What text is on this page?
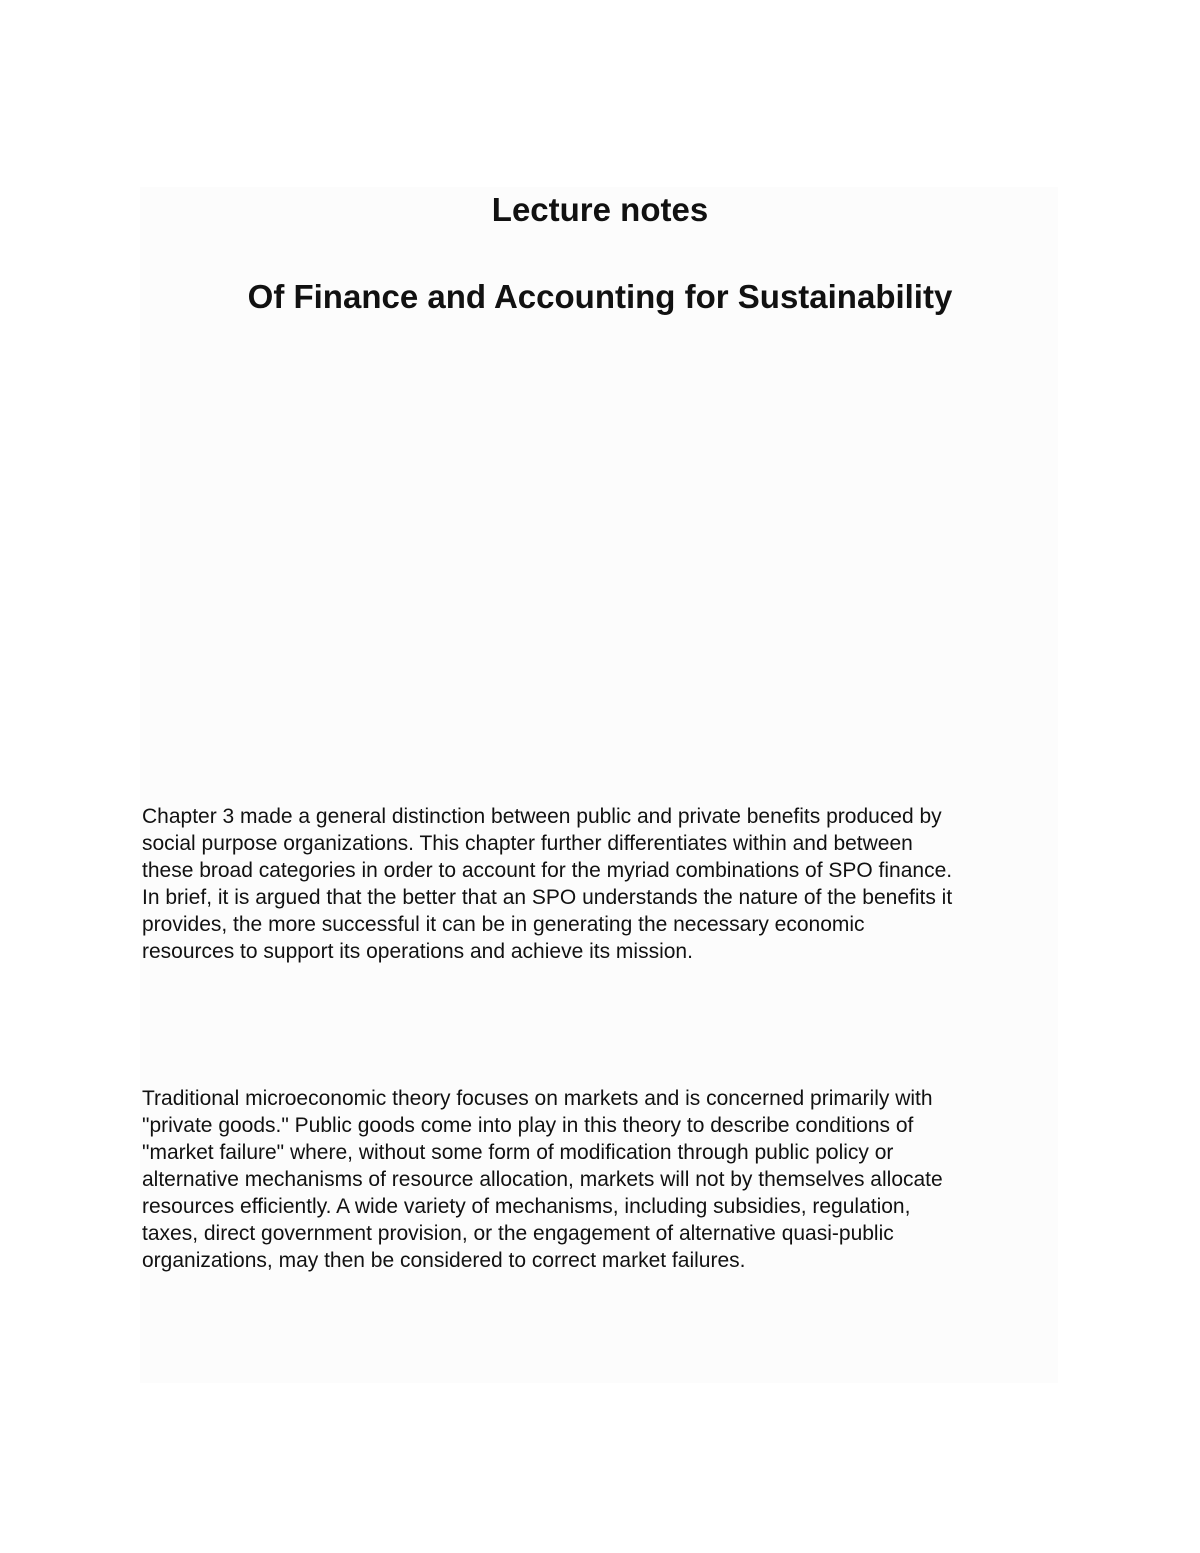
Lecture notes
Of Finance and Accounting for Sustainability

Chapter 3 made a general distinction between public and private benefits produced by
social purpose organizations. This chapter further differentiates within and between
these broad categories in order to account for the myriad combinations of SPO finance.
In brief, it is argued that the better that an SPO understands the nature of the benefits it
provides, the more successful it can be in generating the necessary economic
resources to support its operations and achieve its mission.

Traditional microeconomic theory focuses on markets and is concerned primarily with
"private goods." Public goods come into play in this theory to describe conditions of
"market failure" where, without some form of modification through public policy or
alternative mechanisms of resource allocation, markets will not by themselves allocate
resources efficiently. A wide variety of mechanisms, including subsidies, regulation,
taxes, direct government provision, or the engagement of alternative quasi-public
organizations, may then be considered to correct market failures.
